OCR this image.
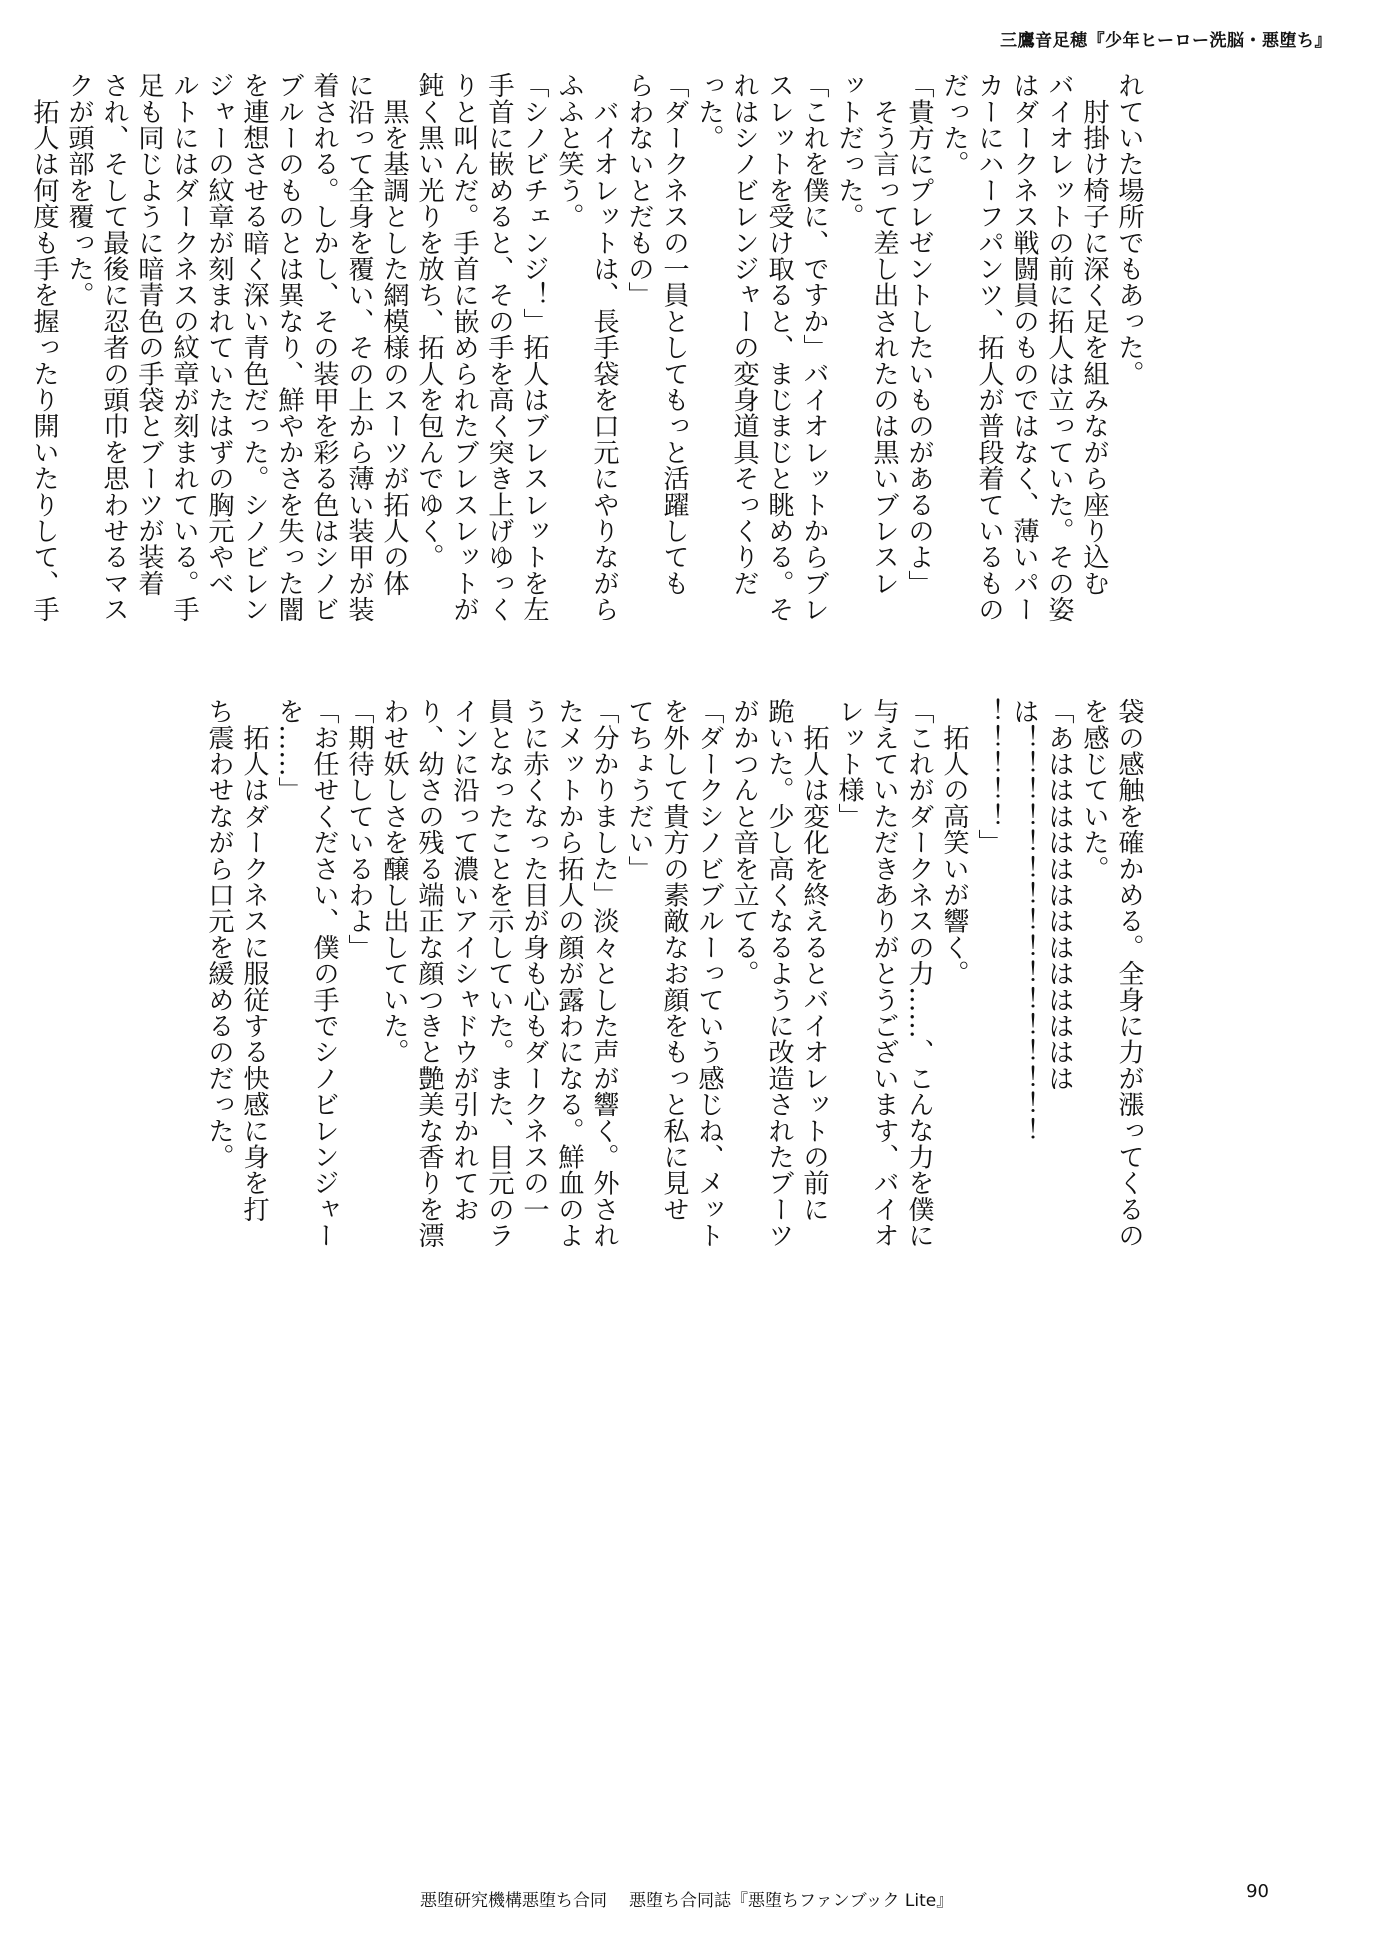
三鷹音足穂『少年ヒーロー洗脳・悪堕ち』

れていた場所でもあった。

　肘掛け椅子に深く足を組みながら座り込む

バイオレットの前に拓人は立っていた。その姿

はダークネス戦闘員のものではなく、薄いパー

カーにハーフパンツ、拓人が普段着ているもの

だった。

「貴方にプレゼントしたいものがあるのよ」

　そう言って差し出されたのは黒いブレスレ

ットだった。

「これを僕に、ですか」バイオレットからブレ

スレットを受け取ると、まじまじと眺める。そ

れはシノビレンジャーの変身道具そっくりだ

った。

「ダークネスの一員としてもっと活躍しても

らわないとだもの」

　バイオレットは、長手袋を口元にやりながら

ふふと笑う。

「シノビチェンジ！」拓人はブレスレットを左

手首に嵌めると、その手を高く突き上げゆっく

りと叫んだ。手首に嵌められたブレスレットが

鈍く黒い光りを放ち、拓人を包んでゆく。

　黒を基調とした網模様のスーツが拓人の体

に沿って全身を覆い、その上から薄い装甲が装

着される。しかし、その装甲を彩る色はシノビ

ブルーのものとは異なり、鮮やかさを失った闇

を連想させる暗く深い青色だった。シノビレン

ジャーの紋章が刻まれていたはずの胸元やベ

ルトにはダークネスの紋章が刻まれている。手

足も同じように暗青色の手袋とブーツが装着

され、そして最後に忍者の頭巾を思わせるマス

クが頭部を覆った。

　拓人は何度も手を握ったり開いたりして、手

袋の感触を確かめる。全身に力が漲ってくるの

を感じていた。

「あははははははははははははは

は！！！！！！！！！！！！！！！！

！！！！！」

　拓人の高笑いが響く。

「これがダークネスの力……、こんな力を僕に

与えていただきありがとうございます、バイオ

レット様」

　拓人は変化を終えるとバイオレットの前に

跪いた。少し高くなるように改造されたブーツ

がかつんと音を立てる。

「ダークシノビブルーっていう感じね、メット

を外して貴方の素敵なお顔をもっと私に見せ

てちょうだい」

「分かりました」淡々とした声が響く。外され

たメットから拓人の顔が露わになる。鮮血のよ

うに赤くなった目が身も心もダークネスの一

員となったことを示していた。また、目元のラ

インに沿って濃いアイシャドウが引かれてお

り、幼さの残る端正な顔つきと艶美な香りを漂

わせ妖しさを醸し出していた。

「期待しているわよ」

「お任せください、僕の手でシノビレンジャー

を……」

　拓人はダークネスに服従する快感に身を打

ち震わせながら口元を緩めるのだった。

悪堕研究機構悪堕ち合同 悪堕ち合同誌『悪堕ちファンブック Lite』	90
